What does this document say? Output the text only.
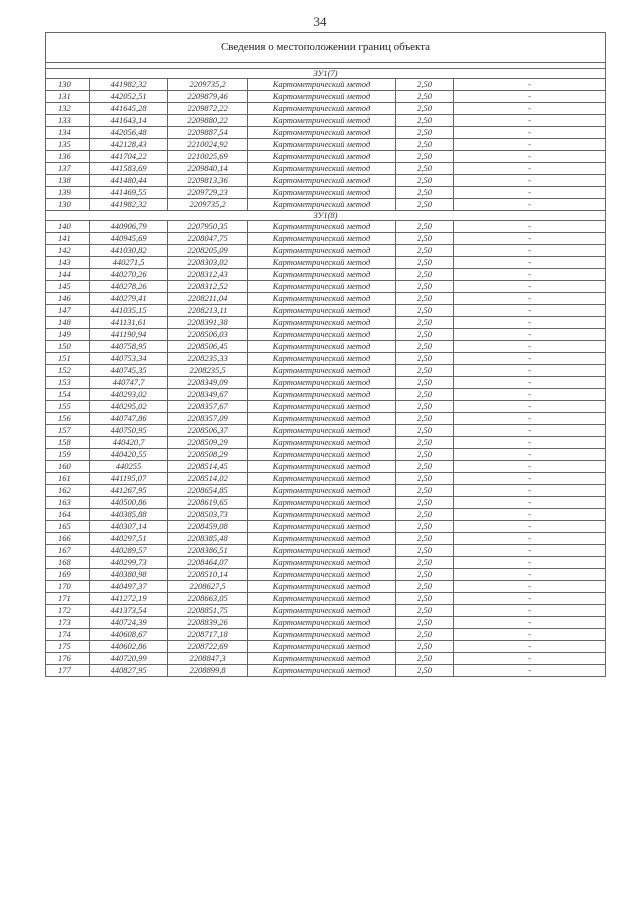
34
Сведения о местоположении границ объекта					

ЗУ1(7)					
130	441982,32	2209735,2	Картометрический метод	2,50	-
131	442052,51	2209879,46	Картометрический метод	2,50	-
132	441645,28	2209872,22	Картометрический метод	2,50	-
133	441643,14	2209880,22	Картометрический метод	2,50	-
134	442056,48	2209887,54	Картометрический метод	2,50	-
135	442128,43	2210024,92	Картометрический метод	2,50	-
136	441704,22	2210025,69	Картометрический метод	2,50	-
137	441583,69	2209840,14	Картометрический метод	2,50	-
138	441480,44	2209813,36	Картометрический метод	2,50	-
139	441469,55	2209729,23	Картометрический метод	2,50	-
130	441982,32	2209735,2	Картометрический метод	2,50	-
ЗУ1(8)					
140	440906,79	2207950,35	Картометрический метод	2,50	-
141	440945,69	2208047,75	Картометрический метод	2,50	-
142	441030,82	2208205,09	Картометрический метод	2,50	-
143	440271,5	2208303,02	Картометрический метод	2,50	-
144	440270,26	2208312,43	Картометрический метод	2,50	-
145	440278,26	2208312,52	Картометрический метод	2,50	-
146	440279,41	2208211,04	Картометрический метод	2,50	-
147	441035,15	2208213,11	Картометрический метод	2,50	-
148	441131,61	2208391,38	Картометрический метод	2,50	-
149	441190,94	2208506,03	Картометрический метод	2,50	-
150	440758,95	2208506,45	Картометрический метод	2,50	-
151	440753,34	2208235,33	Картометрический метод	2,50	-
152	440745,35	2208235,5	Картометрический метод	2,50	-
153	440747,7	2208349,09	Картометрический метод	2,50	-
154	440293,02	2208349,67	Картометрический метод	2,50	-
155	440295,02	2208357,67	Картометрический метод	2,50	-
156	440747,86	2208357,09	Картометрический метод	2,50	-
157	440750,95	2208506,37	Картометрический метод	2,50	-
158	440420,7	2208509,29	Картометрический метод	2,50	-
159	440420,55	2208508,29	Картометрический метод	2,50	-
160	440255	2208514,45	Картометрический метод	2,50	-
161	441195,07	2208514,02	Картометрический метод	2,50	-
162	441267,95	2208654,85	Картометрический метод	2,50	-
163	440500,86	2208619,65	Картометрический метод	2,50	-
164	440385,88	2208503,73	Картометрический метод	2,50	-
165	440307,14	2208459,08	Картометрический метод	2,50	-
166	440297,51	2208385,48	Картометрический метод	2,50	-
167	440289,57	2208386,51	Картометрический метод	2,50	-
168	440299,73	2208464,07	Картометрический метод	2,50	-
169	440380,98	2208510,14	Картометрический метод	2,50	-
170	440497,37	2208627,5	Картометрический метод	2,50	-
171	441272,19	2208663,05	Картометрический метод	2,50	-
172	441373,54	2208851,75	Картометрический метод	2,50	-
173	440724,39	2208839,26	Картометрический метод	2,50	-
174	440608,67	2208717,18	Картометрический метод	2,50	-
175	440602,86	2208722,69	Картометрический метод	2,50	-
176	440720,99	2208847,3	Картометрический метод	2,50	-
177	440827,95	2208899,8	Картометрический метод	2,50	-
